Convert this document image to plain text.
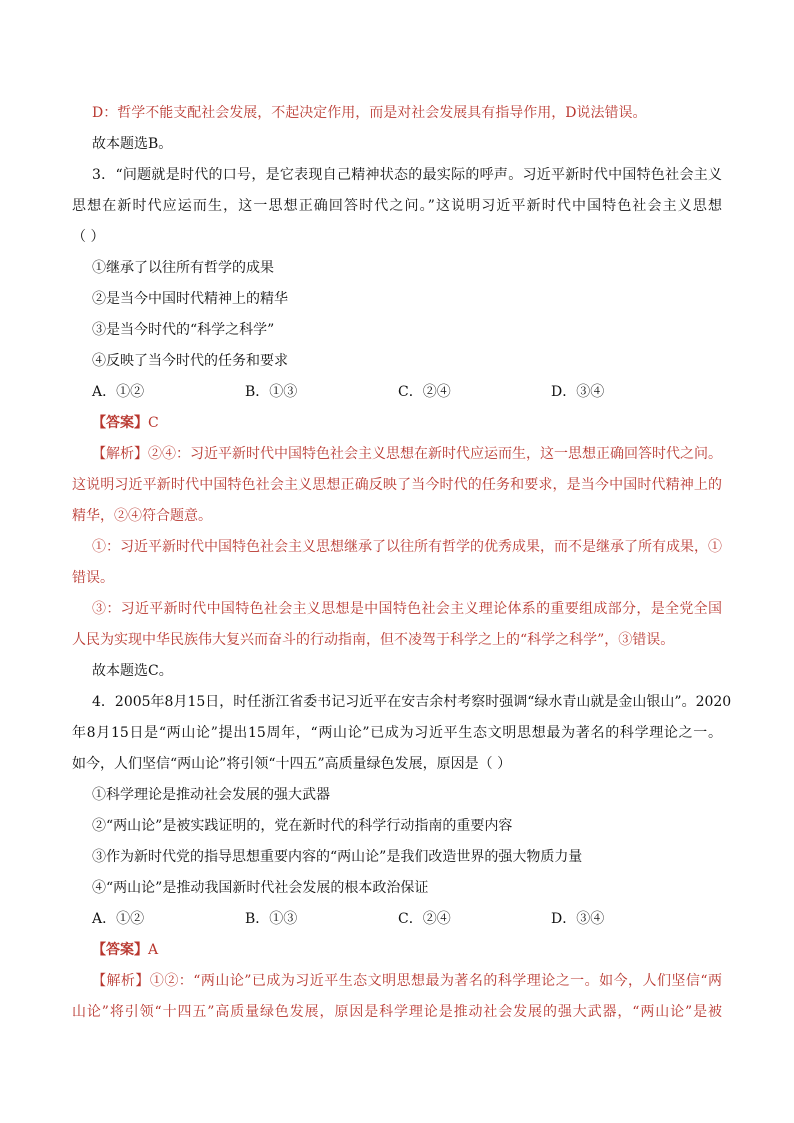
D：哲学不能支配社会发展，不起决定作用，而是对社会发展具有指导作用，D说法错误。
故本题选B。
3．“问题就是时代的口号，是它表现自己精神状态的最实际的呼声。习近平新时代中国特色社会主义
思想在新时代应运而生，这一思想正确回答时代之问。”这说明习近平新时代中国特色社会主义思想
（ ）
①继承了以往所有哲学的成果
②是当今中国时代精神上的精华
③是当今时代的“科学之科学”
④反映了当今时代的任务和要求
A．①②	B．①③	C．②④	D．③④
【答案】C
【解析】②④：习近平新时代中国特色社会主义思想在新时代应运而生，这一思想正确回答时代之问。
这说明习近平新时代中国特色社会主义思想正确反映了当今时代的任务和要求，是当今中国时代精神上的
精华，②④符合题意。
①：习近平新时代中国特色社会主义思想继承了以往所有哲学的优秀成果，而不是继承了所有成果，①
错误。
③：习近平新时代中国特色社会主义思想是中国特色社会主义理论体系的重要组成部分，是全党全国
人民为实现中华民族伟大复兴而奋斗的行动指南，但不凌驾于科学之上的“科学之科学”，③错误。
故本题选C。
4．2005年8月15日，时任浙江省委书记习近平在安吉余村考察时强调“绿水青山就是金山银山”。2020
年8月15日是“两山论”提出15周年，“两山论”已成为习近平生态文明思想最为著名的科学理论之一。
如今，人们坚信“两山论”将引领“十四五”高质量绿色发展，原因是（ ）
①科学理论是推动社会发展的强大武器
②“两山论”是被实践证明的，党在新时代的科学行动指南的重要内容
③作为新时代党的指导思想重要内容的“两山论”是我们改造世界的强大物质力量
④“两山论”是推动我国新时代社会发展的根本政治保证
A．①②	B．①③	C．②④	D．③④
【答案】A
【解析】①②：“两山论”已成为习近平生态文明思想最为著名的科学理论之一。如今，人们坚信“两
山论”将引领“十四五”高质量绿色发展，原因是科学理论是推动社会发展的强大武器，“两山论”是被
